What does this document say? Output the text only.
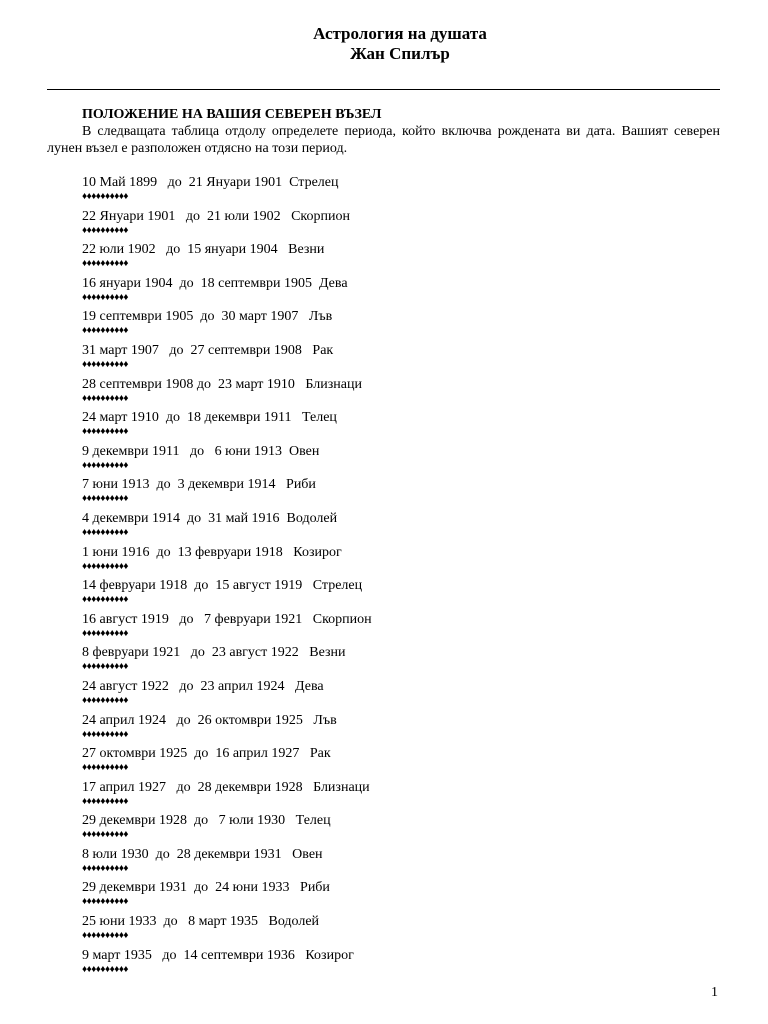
Астрология на душата
Жан Спилър
ПОЛОЖЕНИЕ НА ВАШИЯ СЕВЕРЕН ВЪЗЕЛ
В следващата таблица отдолу определете периода, който включва рождената ви дата. Вашият северен лунен възел е разположен отдясно на този период.
10 Май 1899   до  21 Януари 1901  Стрелец
♦♦♦♦♦♦♦♦♦♦
22 Януари 1901   до  21 юли 1902   Скорпион
♦♦♦♦♦♦♦♦♦♦
22 юли 1902   до  15 януари 1904   Везни
♦♦♦♦♦♦♦♦♦♦
16 януари 1904  до  18 септември 1905  Дева
♦♦♦♦♦♦♦♦♦♦
19 септември 1905  до  30 март 1907   Лъв
♦♦♦♦♦♦♦♦♦♦
31 март 1907   до  27 септември 1908   Рак
♦♦♦♦♦♦♦♦♦♦
28 септември 1908 до  23 март 1910   Близнаци
♦♦♦♦♦♦♦♦♦♦
24 март 1910  до  18 декември 1911   Телец
♦♦♦♦♦♦♦♦♦♦
9 декември 1911   до   6 юни 1913  Овен
♦♦♦♦♦♦♦♦♦♦
7 юни 1913  до  3 декември 1914   Риби
♦♦♦♦♦♦♦♦♦♦
4 декември 1914  до  31 май 1916  Водолей
♦♦♦♦♦♦♦♦♦♦
1 юни 1916  до  13 февруари 1918   Козирог
♦♦♦♦♦♦♦♦♦♦
14 февруари 1918  до  15 август 1919   Стрелец
♦♦♦♦♦♦♦♦♦♦
16 август 1919   до   7 февруари 1921   Скорпион
♦♦♦♦♦♦♦♦♦♦
8 февруари 1921   до  23 август 1922   Везни
♦♦♦♦♦♦♦♦♦♦
24 август 1922   до  23 април 1924   Дева
♦♦♦♦♦♦♦♦♦♦
24 април 1924   до  26 октомври 1925   Лъв
♦♦♦♦♦♦♦♦♦♦
27 октомври 1925  до  16 април 1927   Рак
♦♦♦♦♦♦♦♦♦♦
17 април 1927   до  28 декември 1928   Близнаци
♦♦♦♦♦♦♦♦♦♦
29 декември 1928  до   7 юли 1930   Телец
♦♦♦♦♦♦♦♦♦♦
8 юли 1930  до  28 декември 1931   Овен
♦♦♦♦♦♦♦♦♦♦
29 декември 1931  до  24 юни 1933   Риби
♦♦♦♦♦♦♦♦♦♦
25 юни 1933  до   8 март 1935   Водолей
♦♦♦♦♦♦♦♦♦♦
9 март 1935   до  14 септември 1936   Козирог
♦♦♦♦♦♦♦♦♦♦
1
